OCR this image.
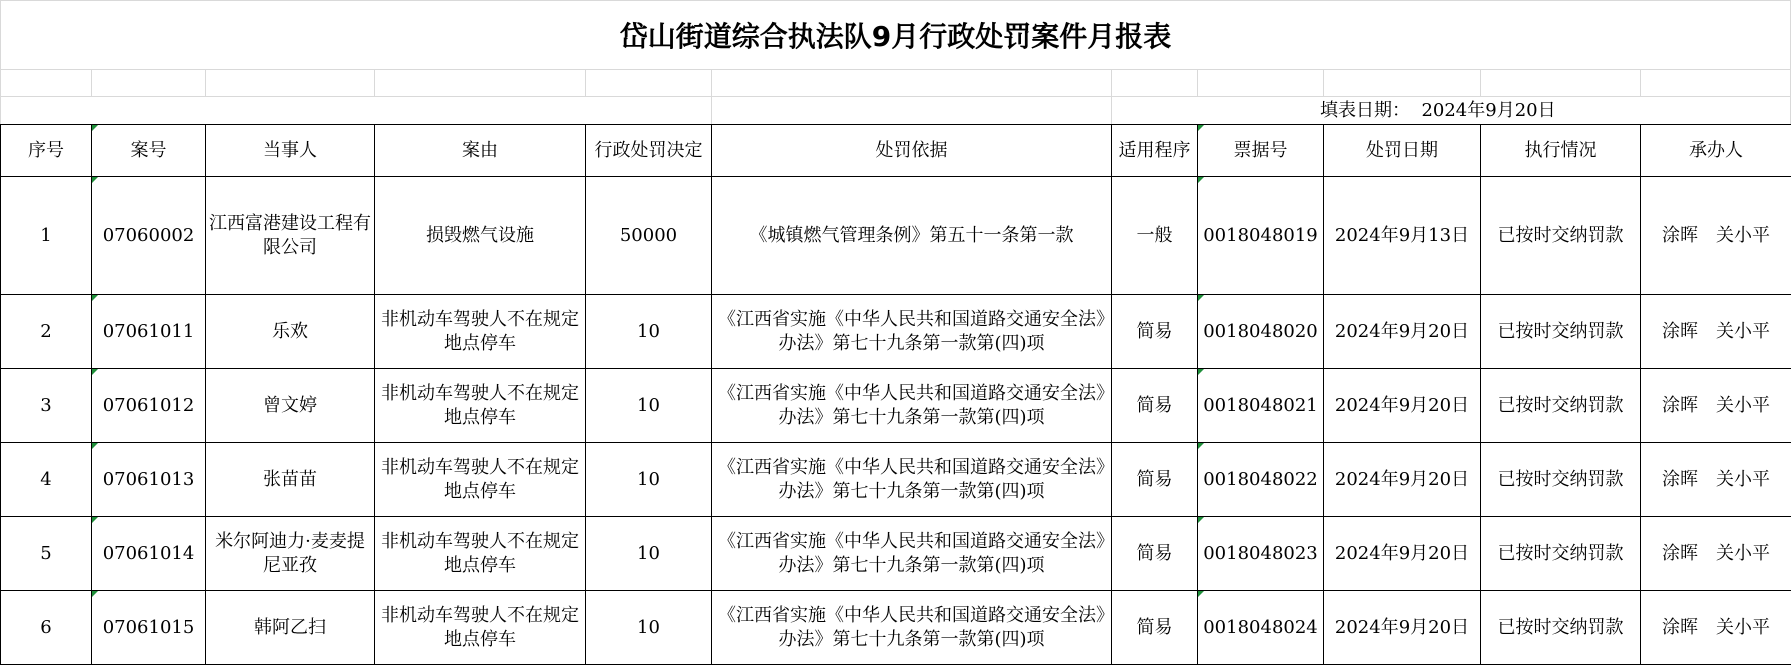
岱山街道综合执法队9月行政处罚案件月报表
填表日期： 2024年9月20日
序号	案号	当事人	案由	行政处罚决定	处罚依据	适用程序	票据号	处罚日期	执行情况	承办人
1	07060002	江西富港建设工程有限公司	损毁燃气设施	50000	《城镇燃气管理条例》第五十一条第一款	一般	0018048019	2024年9月13日	已按时交纳罚款	涂晖　关小平
2	07061011	乐欢	非机动车驾驶人不在规定地点停车	10	《江西省实施《中华人民共和国道路交通安全法》办法》第七十九条第一款第(四)项	简易	0018048020	2024年9月20日	已按时交纳罚款	涂晖　关小平
3	07061012	曾文婷	非机动车驾驶人不在规定地点停车	10	《江西省实施《中华人民共和国道路交通安全法》办法》第七十九条第一款第(四)项	简易	0018048021	2024年9月20日	已按时交纳罚款	涂晖　关小平
4	07061013	张苗苗	非机动车驾驶人不在规定地点停车	10	《江西省实施《中华人民共和国道路交通安全法》办法》第七十九条第一款第(四)项	简易	0018048022	2024年9月20日	已按时交纳罚款	涂晖　关小平
5	07061014	米尔阿迪力·麦麦提尼亚孜	非机动车驾驶人不在规定地点停车	10	《江西省实施《中华人民共和国道路交通安全法》办法》第七十九条第一款第(四)项	简易	0018048023	2024年9月20日	已按时交纳罚款	涂晖　关小平
6	07061015	韩阿乙扫	非机动车驾驶人不在规定地点停车	10	《江西省实施《中华人民共和国道路交通安全法》办法》第七十九条第一款第(四)项	简易	0018048024	2024年9月20日	已按时交纳罚款	涂晖　关小平
